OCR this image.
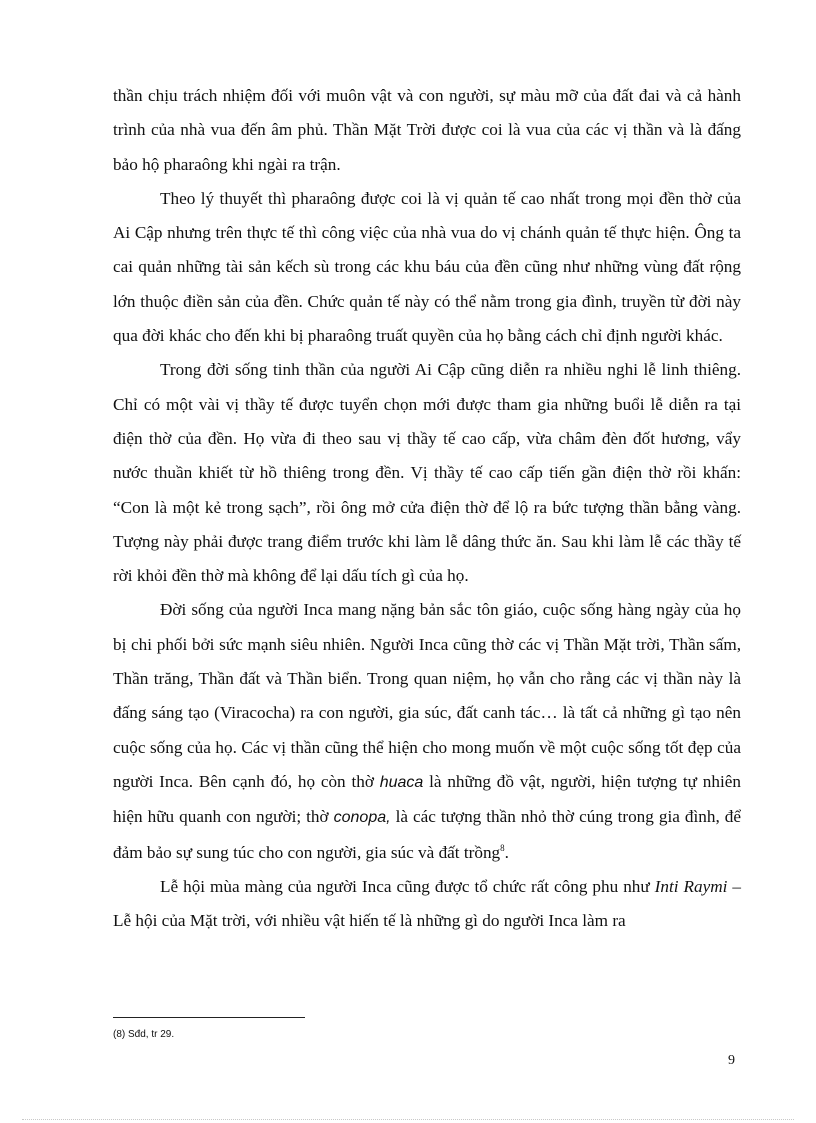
thần chịu trách nhiệm đối với muôn vật và con người, sự màu mỡ của đất đai và cả hành trình của nhà vua đến âm phủ. Thần Mặt Trời được coi là vua của các vị thần và là đấng bảo hộ pharaông khi ngài ra trận.

Theo lý thuyết thì pharaông được coi là vị quản tế cao nhất trong mọi đền thờ của Ai Cập nhưng trên thực tế thì công việc của nhà vua do vị chánh quản tế thực hiện. Ông ta cai quản những tài sản kếch sù trong các khu báu của đền cũng như những vùng đất rộng lớn thuộc điền sản của đền. Chức quản tế này có thể nằm trong gia đình, truyền từ đời này qua đời khác cho đến khi bị pharaông truất quyền của họ bằng cách chỉ định người khác.

Trong đời sống tinh thần của người Ai Cập cũng diễn ra nhiều nghi lễ linh thiêng. Chỉ có một vài vị thầy tế được tuyển chọn mới được tham gia những buổi lễ diễn ra tại điện thờ của đền. Họ vừa đi theo sau vị thầy tế cao cấp, vừa châm đèn đốt hương, vẩy nước thuần khiết từ hồ thiêng trong đền. Vị thầy tế cao cấp tiến gần điện thờ rồi khấn: “Con là một kẻ trong sạch”, rồi ông mở cửa điện thờ để lộ ra bức tượng thần bằng vàng. Tượng này phải được trang điểm trước khi làm lễ dâng thức ăn. Sau khi làm lễ các thầy tế rời khỏi đền thờ mà không để lại dấu tích gì của họ.

Đời sống của người Inca mang nặng bản sắc tôn giáo, cuộc sống hàng ngày của họ bị chi phối bởi sức mạnh siêu nhiên. Người Inca cũng thờ các vị Thần Mặt trời, Thần sấm, Thần trăng, Thần đất và Thần biển. Trong quan niệm, họ vẫn cho rằng các vị thần này là đấng sáng tạo (Viracocha) ra con người, gia súc, đất canh tác… là tất cả những gì tạo nên cuộc sống của họ. Các vị thần cũng thể hiện cho mong muốn về một cuộc sống tốt đẹp của người Inca. Bên cạnh đó, họ còn thờ huaca là những đồ vật, người, hiện tượng tự nhiên hiện hữu quanh con người; thờ conopa, là các tượng thần nhỏ thờ cúng trong gia đình, để đảm bảo sự sung túc cho con người, gia súc và đất trồng$^8$.

Lễ hội mùa màng của người Inca cũng được tổ chức rất công phu như Inti Raymi – Lễ hội của Mặt trời, với nhiều vật hiến tế là những gì do người Inca làm ra

(8) Sđd, tr 29.
9
